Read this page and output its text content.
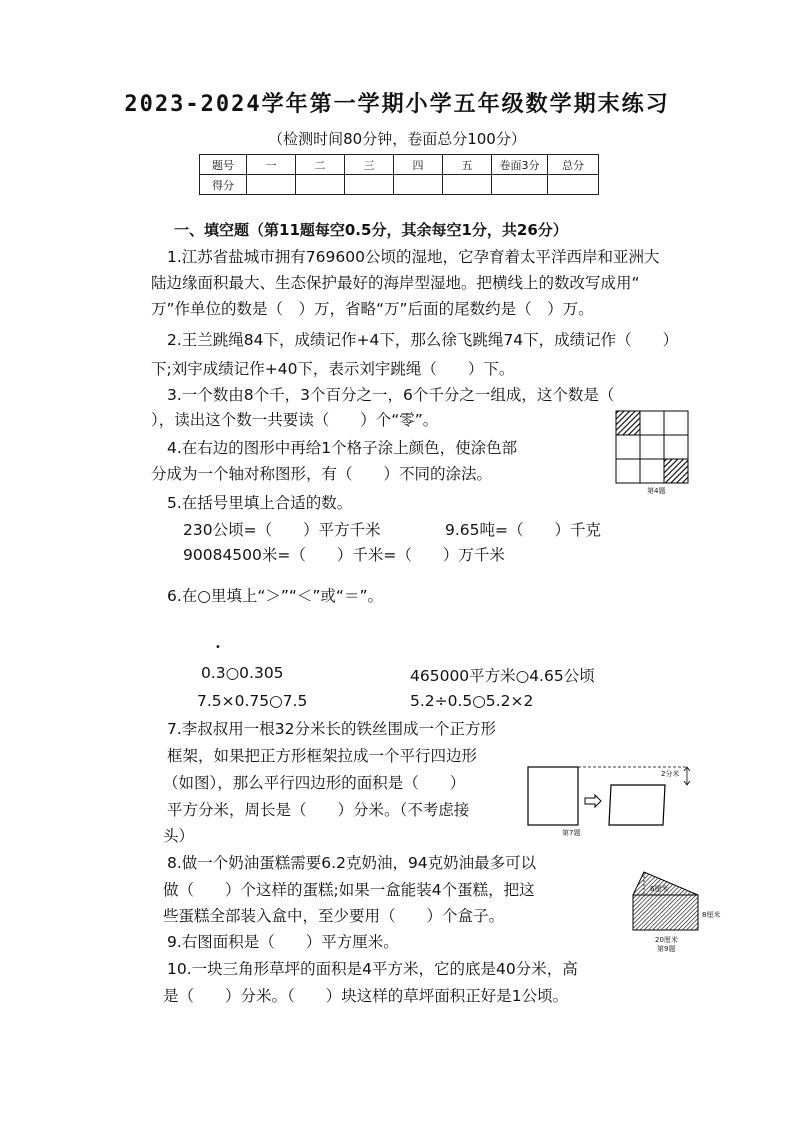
2023-2024学年第一学期小学五年级数学期末练习
（检测时间80分钟，卷面总分100分）
题号	一	二	三	四	五	卷面3分	总分
得分							
一、填空题（第11题每空0.5分，其余每空1分，共26分）
1.江苏省盐城市拥有769600公顷的湿地，它孕育着太平洋西岸和亚洲大
陆边缘面积最大、生态保护最好的海岸型湿地。把横线上的数改写成用“
万”作单位的数是（　）万，省略“万”后面的尾数约是（　）万。
2.王兰跳绳84下，成绩记作+4下，那么徐飞跳绳74下，成绩记作（　　）
下;刘宇成绩记作+40下，表示刘宇跳绳（　　）下。
3.一个数由8个千，3个百分之一，6个千分之一组成，这个数是（
），读出这个数一共要读（　　）个“零”。
4.在右边的图形中再给1个格子涂上颜色，使涂色部
分成为一个轴对称图形，有（　　）不同的涂法。
第4题
5.在括号里填上合适的数。
230公顷=（　　）平方千米	9.65吨=（　　）千克
90084500米=（　　）千米=（　　）万千米
6.在○里填上“＞”“＜”或“＝”。
•
0.3○0.305	465000平方米○4.65公顷
7.5×0.75○7.5	5.2÷0.5○5.2×2
7.李叔叔用一根32分米长的铁丝围成一个正方形
框架，如果把正方形框架拉成一个平行四边形
（如图），那么平行四边形的面积是（　　）
平方分米，周长是（　　）分米。（不考虑接
头）
2分米
第7题
8.做一个奶油蛋糕需要6.2克奶油，94克奶油最多可以
做（　　）个这样的蛋糕;如果一盒能装4个蛋糕，把这
些蛋糕全部装入盒中，至少要用（　　）个盒子。
6厘米
8厘米
20厘米
第9题
9.右图面积是（　　）平方厘米。
10.一块三角形草坪的面积是4平方米，它的底是40分米，高
是（　　）分米。（　　）块这样的草坪面积正好是1公顷。
